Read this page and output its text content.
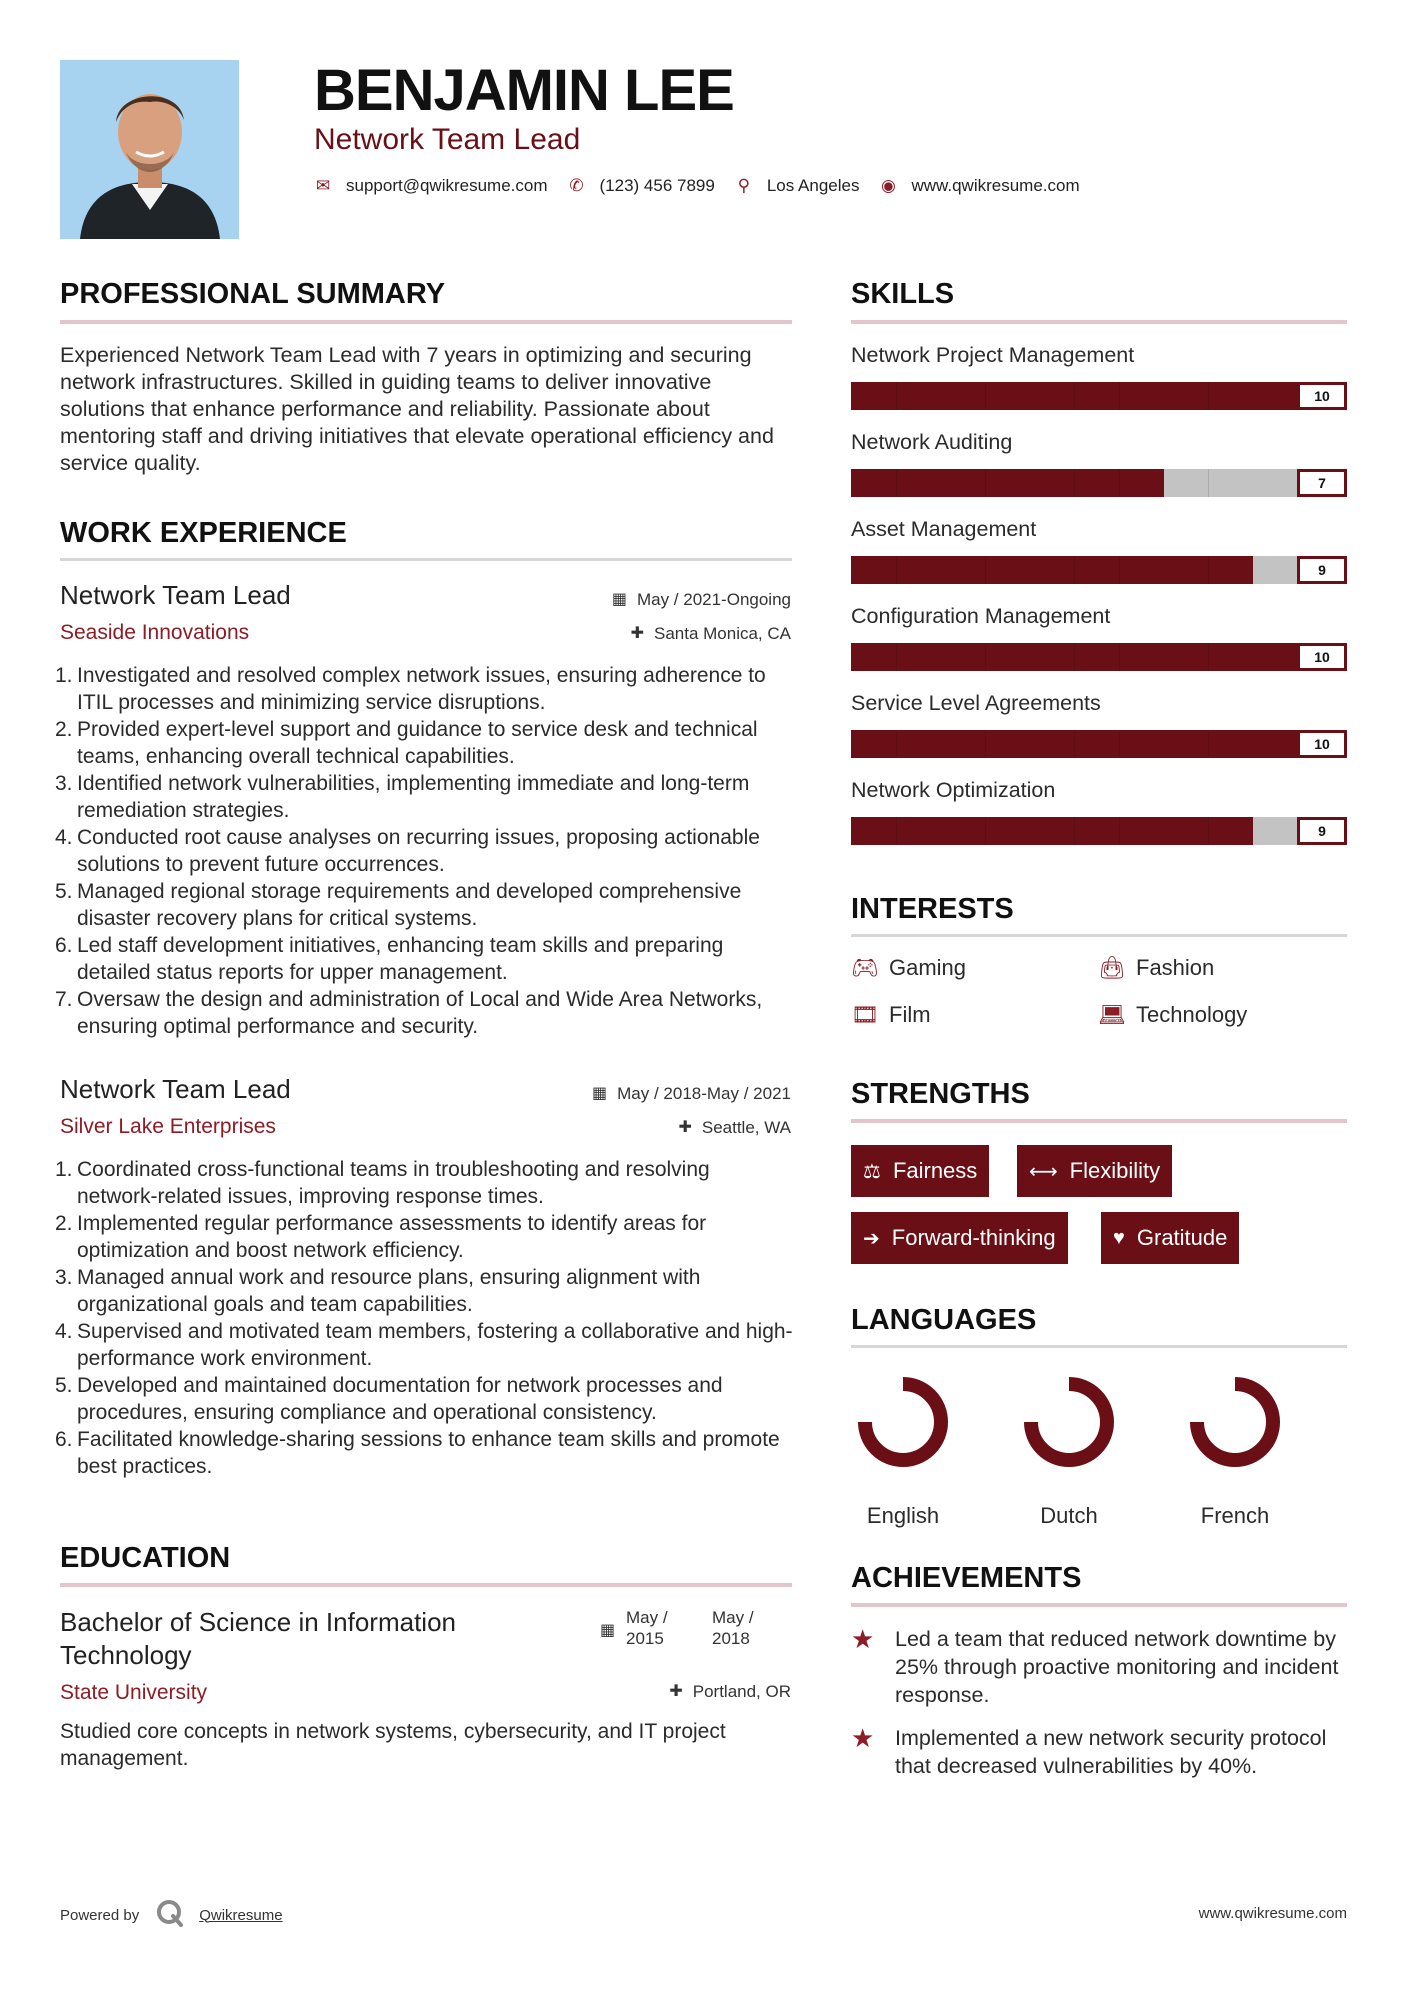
BENJAMIN LEE
Network Team Lead
✉ support@qwikresume.com ✆ (123) 456 7899 ⚲ Los Angeles ◉ www.qwikresume.com
PROFESSIONAL SUMMARY
Experienced Network Team Lead with 7 years in optimizing and securing network infrastructures. Skilled in guiding teams to deliver innovative solutions that enhance performance and reliability. Passionate about mentoring staff and driving initiatives that elevate operational efficiency and service quality.
WORK EXPERIENCE
Network Team Lead	▦ May / 2021-Ongoing
Seaside Innovations	✚ Santa Monica, CA
1. Investigated and resolved complex network issues, ensuring adherence to ITIL processes and minimizing service disruptions.
2. Provided expert-level support and guidance to service desk and technical teams, enhancing overall technical capabilities.
3. Identified network vulnerabilities, implementing immediate and long-term remediation strategies.
4. Conducted root cause analyses on recurring issues, proposing actionable solutions to prevent future occurrences.
5. Managed regional storage requirements and developed comprehensive disaster recovery plans for critical systems.
6. Led staff development initiatives, enhancing team skills and preparing detailed status reports for upper management.
7. Oversaw the design and administration of Local and Wide Area Networks, ensuring optimal performance and security.
Network Team Lead	▦ May / 2018-May / 2021
Silver Lake Enterprises	✚ Seattle, WA
1. Coordinated cross-functional teams in troubleshooting and resolving network-related issues, improving response times.
2. Implemented regular performance assessments to identify areas for optimization and boost network efficiency.
3. Managed annual work and resource plans, ensuring alignment with organizational goals and team capabilities.
4. Supervised and motivated team members, fostering a collaborative and high-performance work environment.
5. Developed and maintained documentation for network processes and procedures, ensuring compliance and operational consistency.
6. Facilitated knowledge-sharing sessions to enhance team skills and promote best practices.
EDUCATION
Bachelor of Science in Information Technology
▦
May /
2015
May /
2018
State University	✚ Portland, OR
Studied core concepts in network systems, cybersecurity, and IT project management.
SKILLS
Network Project Management
10
Network Auditing
7
Asset Management
9
Configuration Management
10
Service Level Agreements
10
Network Optimization
9
INTERESTS
🎮︎ Gaming	👜︎ Fashion
🎞︎ Film	💻︎ Technology
STRENGTHS
⚖ Fairness	⟷ Flexibility
➔ Forward-thinking	♥ Gratitude
LANGUAGES
English	Dutch	French
ACHIEVEMENTS
★ Led a team that reduced network downtime by 25% through proactive monitoring and incident response.
★ Implemented a new network security protocol that decreased vulnerabilities by 40%.
Powered by	Qwikresume	www.qwikresume.com
